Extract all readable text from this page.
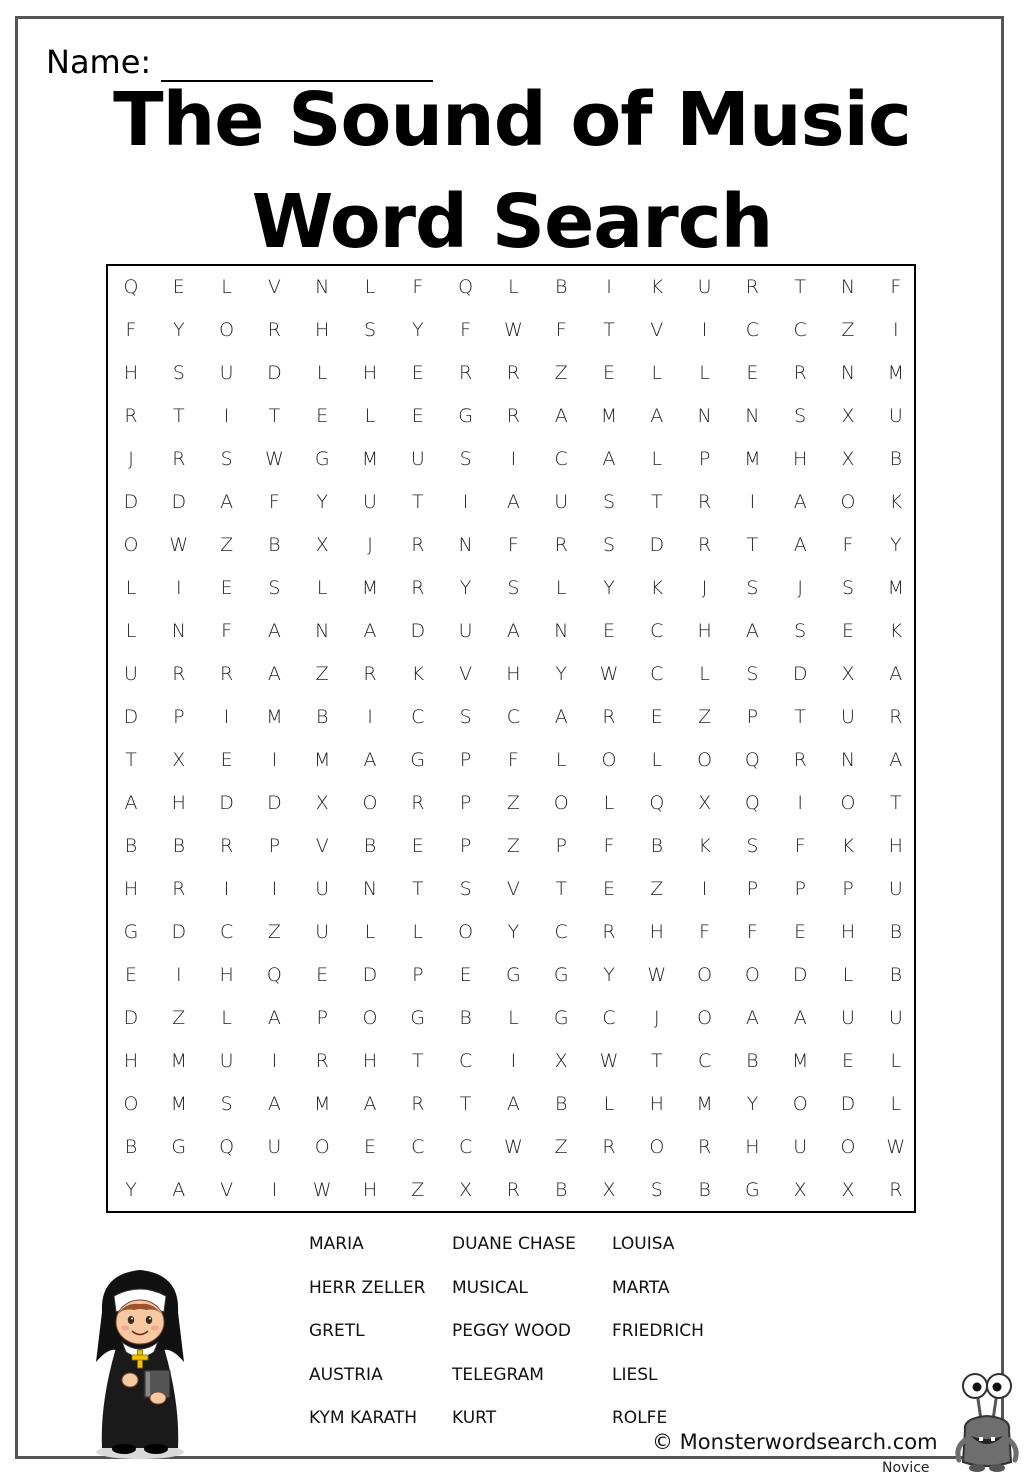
Name:
The Sound of Music
Word Search
Q	E	L	V	N	L	F	Q	L	B	I	K	U	R	T	N	F
F	Y	O	R	H	S	Y	F	W	F	T	V	I	C	C	Z	I
H	S	U	D	L	H	E	R	R	Z	E	L	L	E	R	N	M
R	T	I	T	E	L	E	G	R	A	M	A	N	N	S	X	U
J	R	S	W	G	M	U	S	I	C	A	L	P	M	H	X	B
D	D	A	F	Y	U	T	I	A	U	S	T	R	I	A	O	K
O	W	Z	B	X	J	R	N	F	R	S	D	R	T	A	F	Y
L	I	E	S	L	M	R	Y	S	L	Y	K	J	S	J	S	M
L	N	F	A	N	A	D	U	A	N	E	C	H	A	S	E	K
U	R	R	A	Z	R	K	V	H	Y	W	C	L	S	D	X	A
D	P	I	M	B	I	C	S	C	A	R	E	Z	P	T	U	R
T	X	E	I	M	A	G	P	F	L	O	L	O	Q	R	N	A
A	H	D	D	X	O	R	P	Z	O	L	Q	X	Q	I	O	T
B	B	R	P	V	B	E	P	Z	P	F	B	K	S	F	K	H
H	R	I	I	U	N	T	S	V	T	E	Z	I	P	P	P	U
G	D	C	Z	U	L	L	O	Y	C	R	H	F	F	E	H	B
E	I	H	Q	E	D	P	E	G	G	Y	W	O	O	D	L	B
D	Z	L	A	P	O	G	B	L	G	C	J	O	A	A	U	U
H	M	U	I	R	H	T	C	I	X	W	T	C	B	M	E	L
O	M	S	A	M	A	R	T	A	B	L	H	M	Y	O	D	L
B	G	Q	U	O	E	C	C	W	Z	R	O	R	H	U	O	W
Y	A	V	I	W	H	Z	X	R	B	X	S	B	G	X	X	R
MARIA
HERR ZELLER
GRETL
AUSTRIA
KYM KARATH
DUANE CHASE
MUSICAL
PEGGY WOOD
TELEGRAM
KURT
LOUISA
MARTA
FRIEDRICH
LIESL
ROLFE
© Monsterwordsearch.com
Novice
